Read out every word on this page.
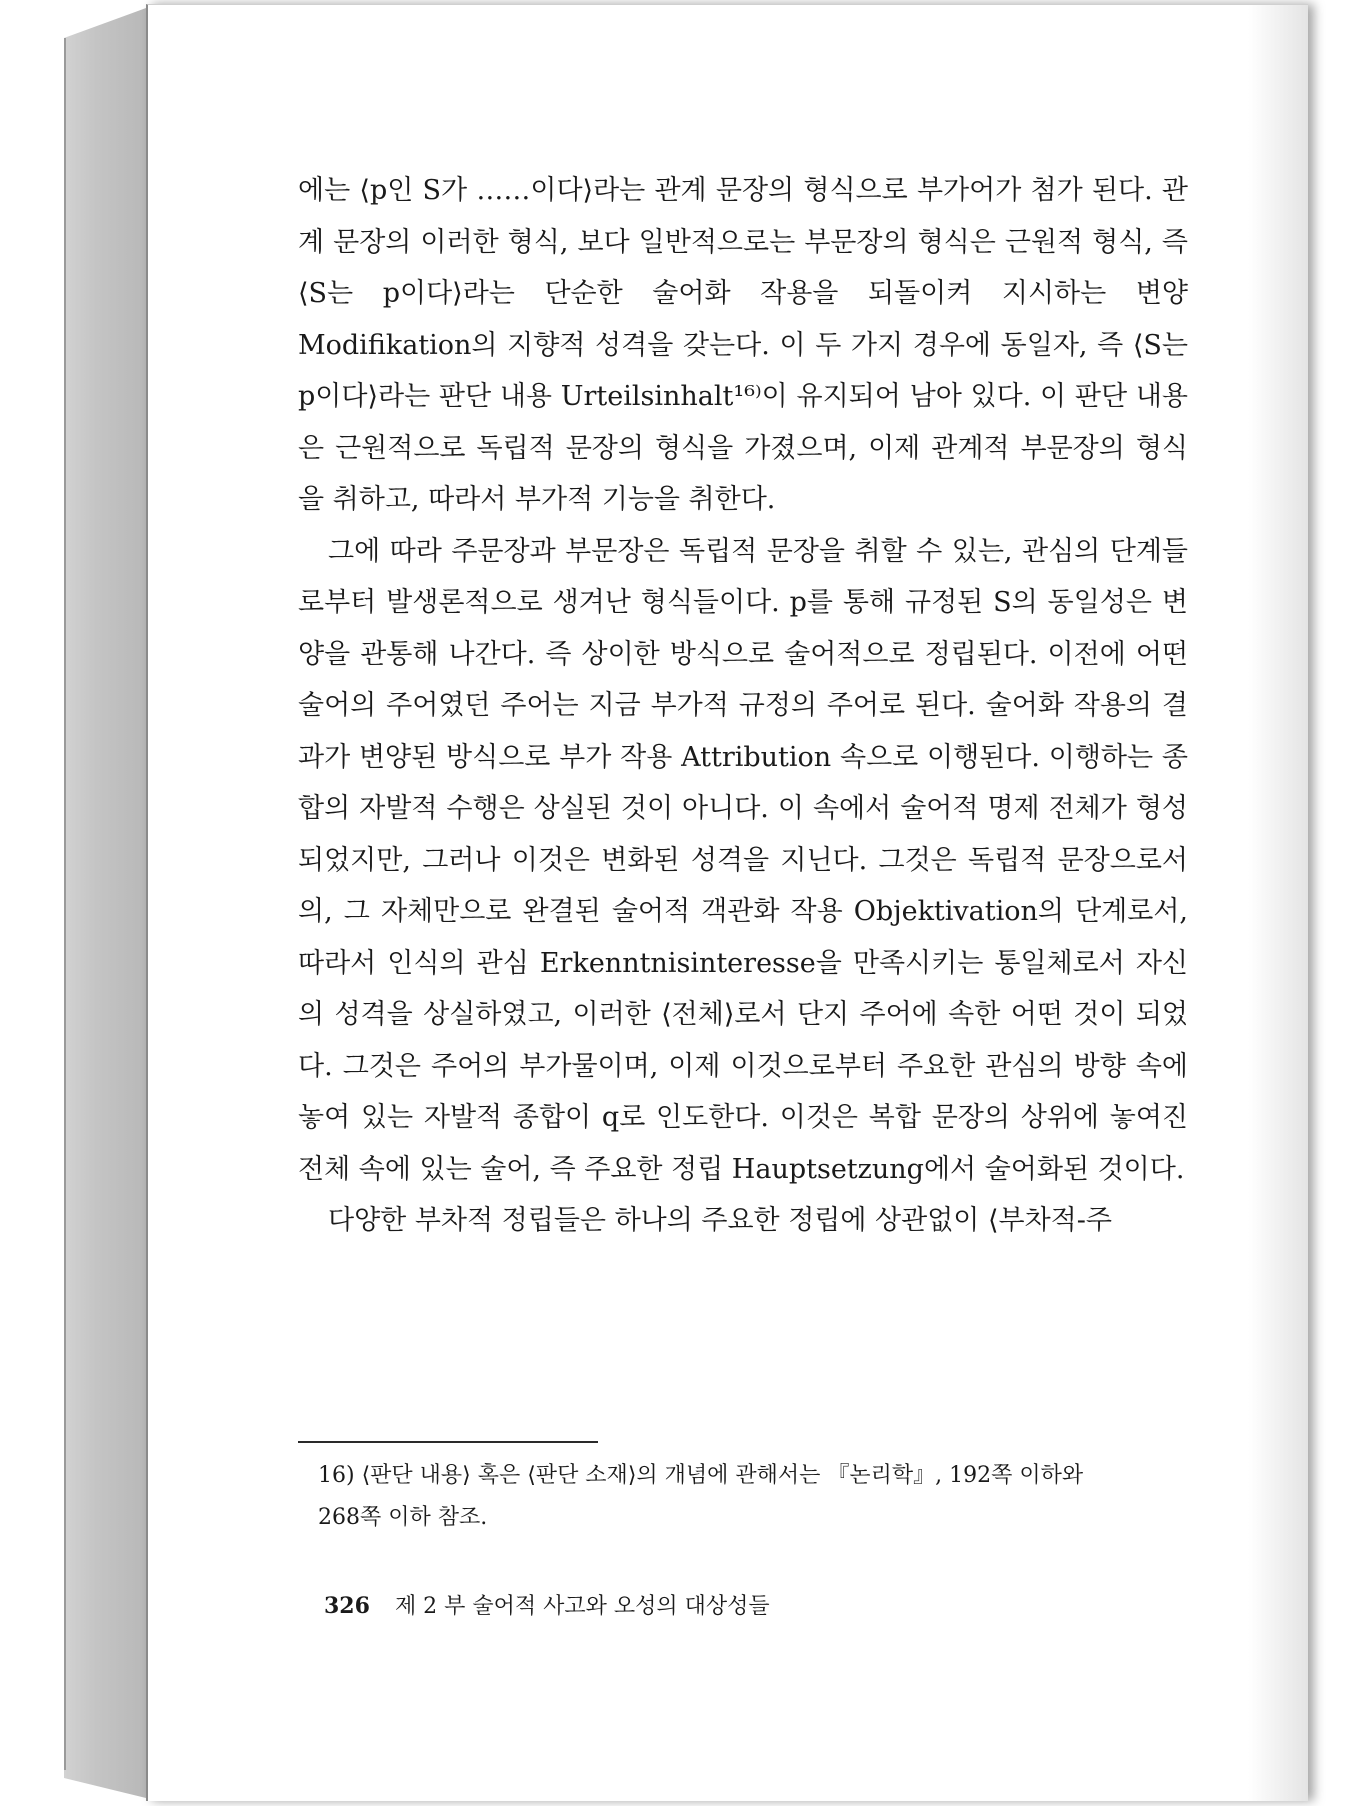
에는 ⟨p인 S가 ……이다⟩라는 관계 문장의 형식으로 부가어가 첨가 된다. 관계 문장의 이러한 형식, 보다 일반적으로는 부문장의 형식은 근원적 형식, 즉 ⟨S는 p이다⟩라는 단순한 술어화 작용을 되돌이켜 지시하는 변양 Modifikation의 지향적 성격을 갖는다. 이 두 가지 경우에 동일자, 즉 ⟨S는 p이다⟩라는 판단 내용 Urteilsinhalt¹⁶⁾이 유지되어 남아 있다. 이 판단 내용은 근원적으로 독립적 문장의 형식을 가졌으며, 이제 관계적 부문장의 형식을 취하고, 따라서 부가적 기능을 취한다.

그에 따라 주문장과 부문장은 독립적 문장을 취할 수 있는, 관심의 단계들로부터 발생론적으로 생겨난 형식들이다. p를 통해 규정된 S의 동일성은 변양을 관통해 나간다. 즉 상이한 방식으로 술어적으로 정립된다. 이전에 어떤 술어의 주어였던 주어는 지금 부가적 규정의 주어로 된다. 술어화 작용의 결과가 변양된 방식으로 부가 작용 Attribution 속으로 이행된다. 이행하는 종합의 자발적 수행은 상실된 것이 아니다. 이 속에서 술어적 명제 전체가 형성되었지만, 그러나 이것은 변화된 성격을 지닌다. 그것은 독립적 문장으로서의, 그 자체만으로 완결된 술어적 객관화 작용 Objektivation의 단계로서, 따라서 인식의 관심 Erkenntnisinteresse을 만족시키는 통일체로서 자신의 성격을 상실하였고, 이러한 ⟨전체⟩로서 단지 주어에 속한 어떤 것이 되었다. 그것은 주어의 부가물이며, 이제 이것으로부터 주요한 관심의 방향 속에 놓여 있는 자발적 종합이 q로 인도한다. 이것은 복합 문장의 상위에 놓여진 전체 속에 있는 술어, 즉 주요한 정립 Hauptsetzung에서 술어화된 것이다.

다양한 부차적 정립들은 하나의 주요한 정립에 상관없이 ⟨부차적-주

16) ⟨판단 내용⟩ 혹은 ⟨판단 소재⟩의 개념에 관해서는 『논리학』, 192쪽 이하와
268쪽 이하 참조.
326 제 2 부 술어적 사고와 오성의 대상성들
